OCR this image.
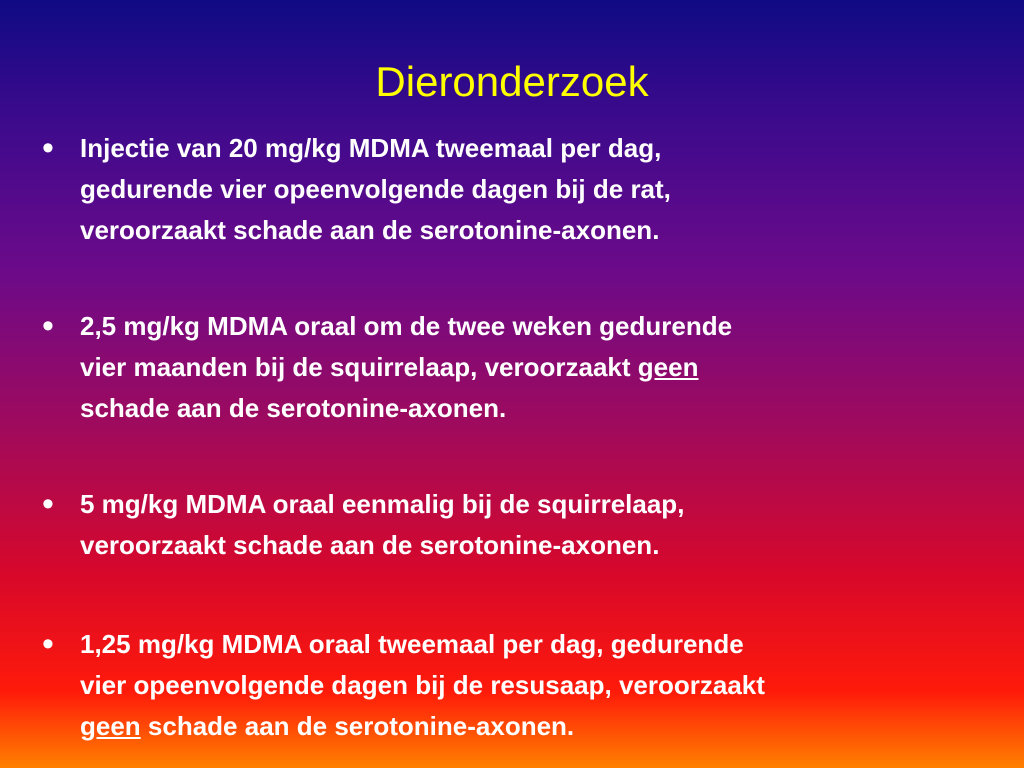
Dieronderzoek
• Injectie van 20 mg/kg MDMA tweemaal per dag,
gedurende vier opeenvolgende dagen bij de rat,
veroorzaakt schade aan de serotonine-axonen.
• 2,5 mg/kg MDMA oraal om de twee weken gedurende
vier maanden bij de squirrelaap, veroorzaakt geen
schade aan de serotonine-axonen.
• 5 mg/kg MDMA oraal eenmalig bij de squirrelaap,
veroorzaakt schade aan de serotonine-axonen.
• 1,25 mg/kg MDMA oraal tweemaal per dag, gedurende
vier opeenvolgende dagen bij de resusaap, veroorzaakt
geen schade aan de serotonine-axonen.
